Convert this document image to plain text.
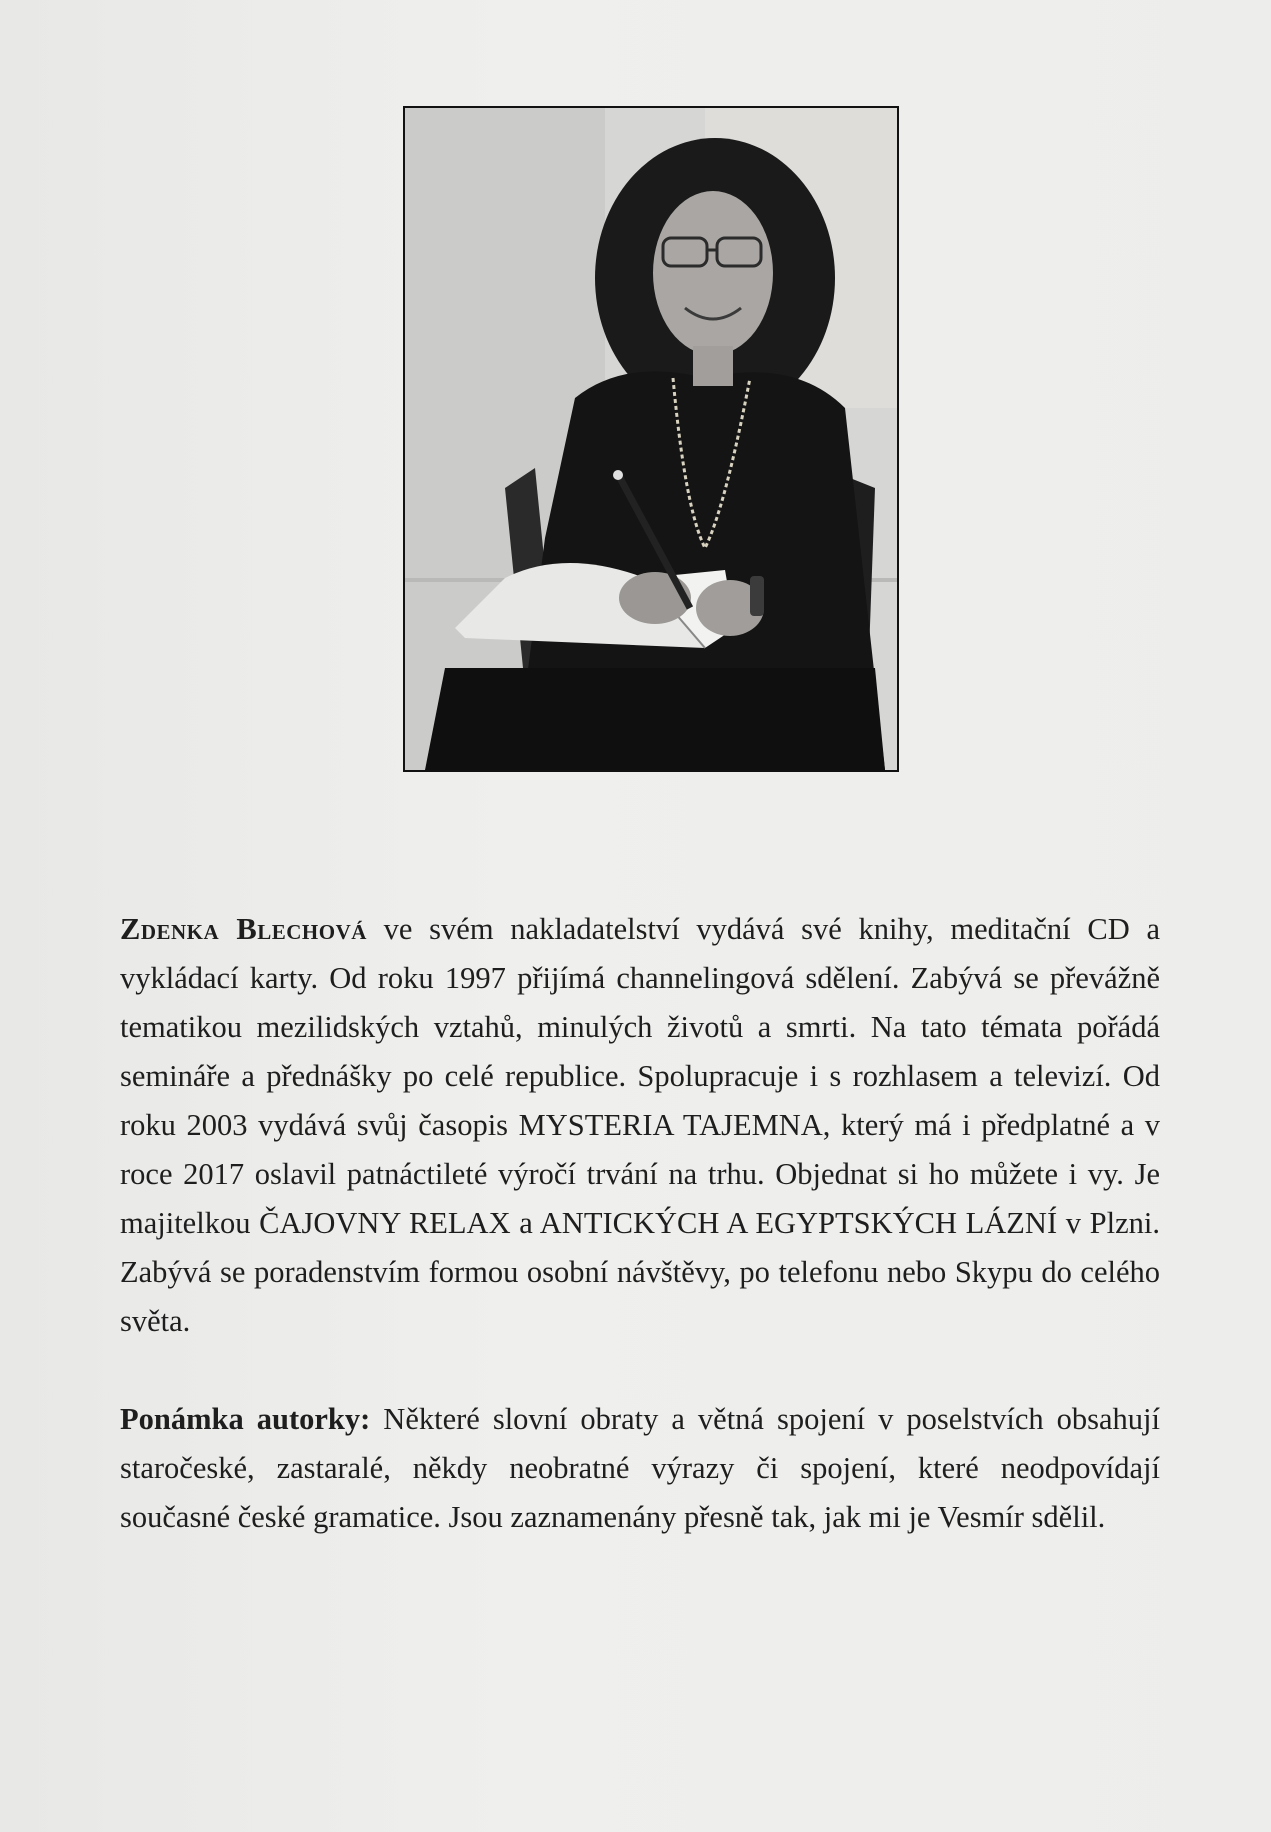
Zdenka Blechová ve svém nakladatelství vydává své knihy, meditační CD a vykládací karty. Od roku 1997 přijímá channelingová sdělení. Zabývá se převážně tematikou mezilidských vztahů, minulých životů a smrti. Na tato témata pořádá semináře a přednášky po celé republice. Spolupracuje i s rozhlasem a televizí. Od roku 2003 vydává svůj časopis MYSTERIA TAJEMNA, který má i předplatné a v roce 2017 oslavil patnáctileté výročí trvání na trhu. Objednat si ho můžete i vy. Je majitelkou ČAJOVNY RELAX a ANTICKÝCH A EGYPTSKÝCH LÁZNÍ v Plzni. Zabývá se poradenstvím formou osobní návštěvy, po telefonu nebo Skypu do celého světa.

Ponámka autorky: Některé slovní obraty a větná spojení v poselstvích obsahují staročeské, zastaralé, někdy neobratné výrazy či spojení, které neodpovídají současné české gramatice. Jsou zaznamenány přesně tak, jak mi je Vesmír sdělil.
